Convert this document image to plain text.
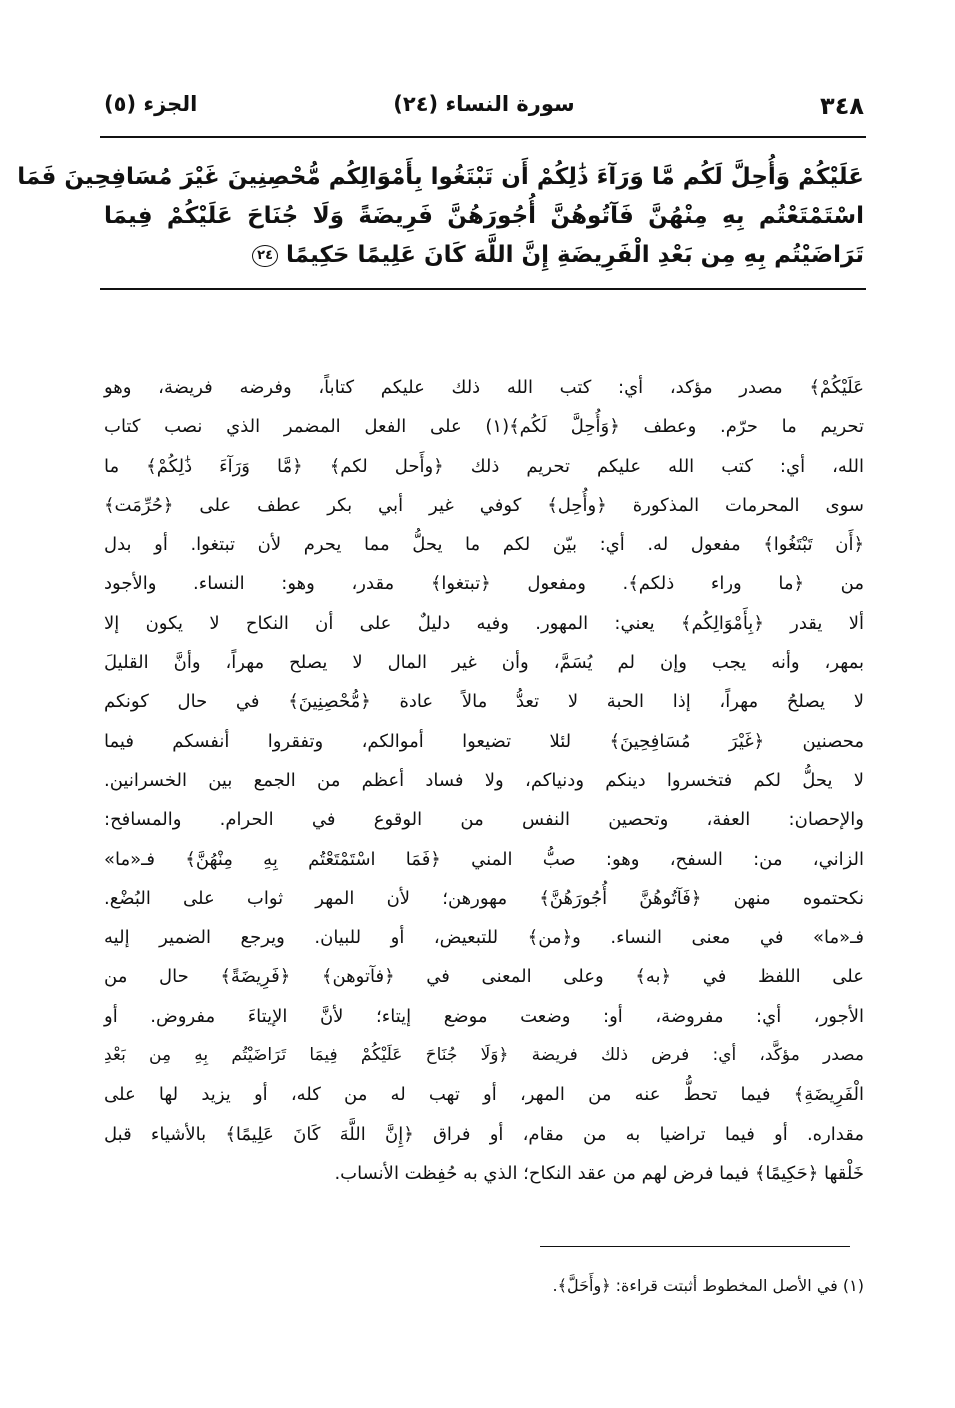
٣٤٨
سورة النساء (٢٤)
الجزء (٥)
عَلَيْكُمْ وَأُحِلَّ لَكُم مَّا وَرَآءَ ذَٰلِكُمْ أَن تَبْتَغُوا بِأَمْوَالِكُم مُّحْصِنِينَ غَيْرَ مُسَافِحِينَ فَمَا
اسْتَمْتَعْتُم بِهِ مِنْهُنَّ فَآتُوهُنَّ أُجُورَهُنَّ فَرِيضَةً وَلَا جُنَاحَ عَلَيْكُمْ فِيمَا
تَرَاضَيْتُم بِهِ مِن بَعْدِ الْفَرِيضَةِ إِنَّ اللَّهَ كَانَ عَلِيمًا حَكِيمًا ٢٤
عَلَيْكُمْ﴾ مصدر مؤكد، أي: كتب الله ذلك عليكم كتاباً، وفرضه فريضة، وهو
تحريم ما حرّم. وعطف ﴿وَأُحِلَّ لَكُم﴾(١) على الفعل المضمر الذي نصب كتاب
الله، أي: كتب الله عليكم تحريم ذلك ﴿وأَحل لكم﴾ ﴿مَّا وَرَآءَ ذَٰلِكُمْ﴾ ما
سوى المحرمات المذكورة ﴿وأُحِل﴾ كوفي غير أبي بكر عطف على ﴿حُرِّمَت﴾
﴿أَن تَبْتَغُوا﴾ مفعول له. أي: بيّن لكم ما يحلُّ مما يحرم لأن تبتغوا. أو بدل
من ﴿ما وراء ذلكم﴾. ومفعول ﴿تبتغوا﴾ مقدر، وهو: النساء. والأجود
ألا يقدر ﴿بِأَمْوَالِكُم﴾ يعني: المهور. وفيه دليلٌ على أن النكاح لا يكون إلا
بمهر، وأنه يجب وإن لم يُسَمَّ، وأن غير المال لا يصلح مهراً، وأنَّ القليلَ
لا يصلحُ مهراً، إذا الحبة لا تعدُّ مالاً عادة ﴿مُّحْصِنِينَ﴾ في حال كونكم
محصنين ﴿غَيْرَ مُسَافِحِينَ﴾ لئلا تضيعوا أموالكم، وتفقروا أنفسكم فيما
لا يحلُّ لكم فتخسروا دينكم ودنياكم، ولا فساد أعظم من الجمع بين الخسرانين.
والإحصان: العفة، وتحصين النفس من الوقوع في الحرام. والمسافح:
الزاني، من: السفح، وهو: صبُّ المني ﴿فَمَا اسْتَمْتَعْتُم بِهِ مِنْهُنَّ﴾ فـ«ما»
نكحتموه منهن ﴿فَآتُوهُنَّ أُجُورَهُنَّ﴾ مهورهن؛ لأن المهر ثواب على البُضْع.
فـ«ما» في معنى النساء. و﴿من﴾ للتبعيض، أو للبيان. ويرجع الضمير إليه
على اللفظ في ﴿به﴾ وعلى المعنى في ﴿فآتوهن﴾ ﴿فَرِيضَةً﴾ حال من
الأجور، أي: مفروضة، أو: وضعت موضع إيتاء؛ لأنَّ الإيتاءَ مفروض. أو
مصدر مؤكَّد، أي: فرض ذلك فريضة ﴿وَلَا جُنَاحَ عَلَيْكُمْ فِيمَا تَرَاضَيْتُم بِهِ مِن بَعْدِ
الْفَرِيضَةِ﴾ فيما تحطُّ عنه من المهر، أو تهب له من كله، أو يزيد لها على
مقداره. أو فيما تراضيا به من مقام، أو فراق ﴿إِنَّ اللَّهَ كَانَ عَلِيمًا﴾ بالأشياء قبل
خَلْقها ﴿حَكِيمًا﴾ فيما فرض لهم من عقد النكاح؛ الذي به حُفِظت الأنساب.
(١) في الأصل المخطوط أثبتت قراءة: ﴿وأَحَلَّ﴾.
